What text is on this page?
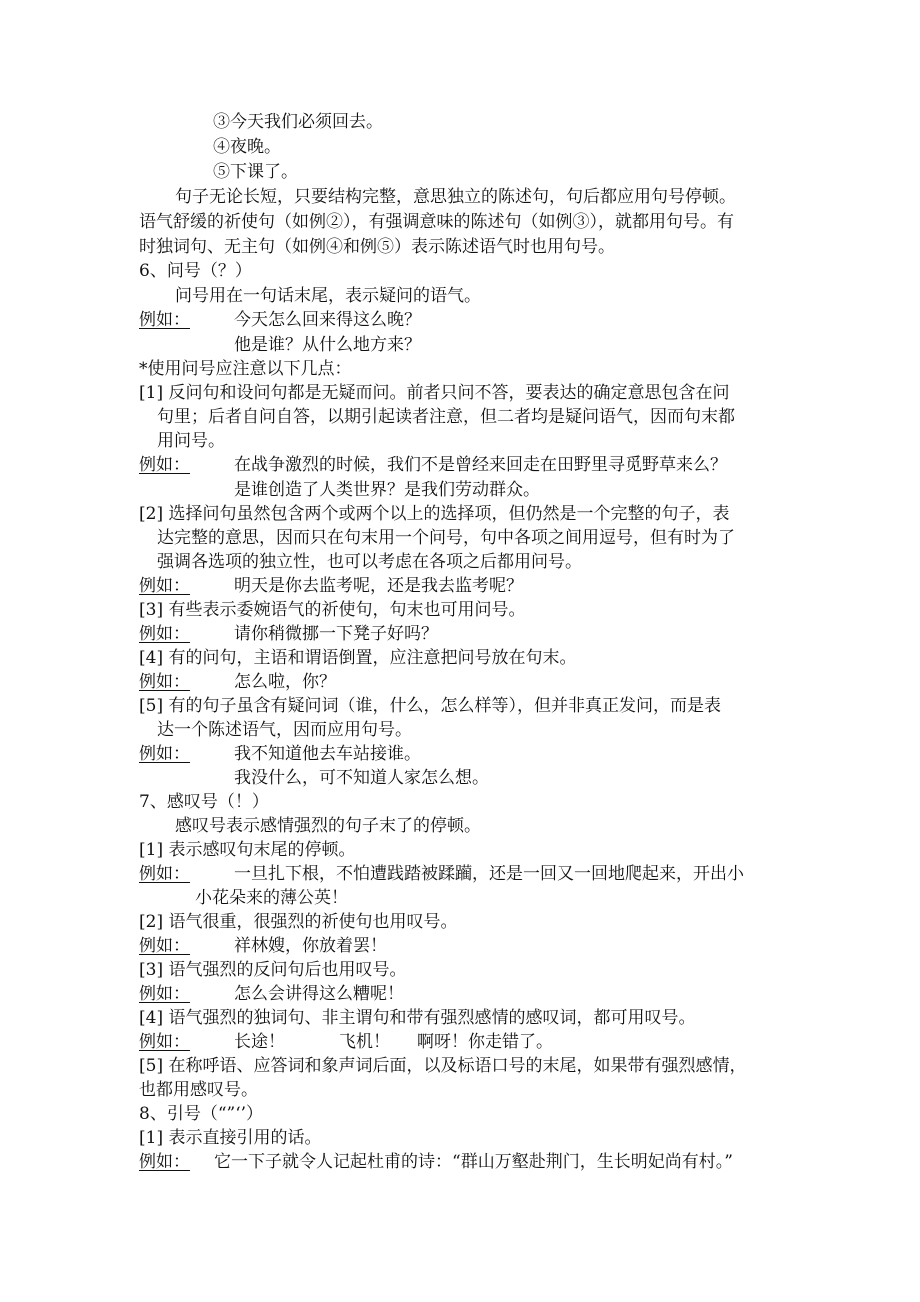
③今天我们必须回去。
④夜晚。
⑤下课了。
句子无论长短，只要结构完整，意思独立的陈述句，句后都应用句号停顿。
语气舒缓的祈使句（如例②），有强调意味的陈述句（如例③），就都用句号。有
时独词句、无主句（如例④和例⑤）表示陈述语气时也用句号。
6、问号（？）
问号用在一句话末尾，表示疑问的语气。
例如：	今天怎么回来得这么晚？
他是谁？从什么地方来？
*使用问号应注意以下几点：
[1] 反问句和设问句都是无疑而问。前者只问不答，要表达的确定意思包含在问
句里；后者自问自答，以期引起读者注意，但二者均是疑问语气，因而句末都
用问号。
例如：	在战争激烈的时候，我们不是曾经来回走在田野里寻觅野草来么？
是谁创造了人类世界？是我们劳动群众。
[2] 选择问句虽然包含两个或两个以上的选择项，但仍然是一个完整的句子，表
达完整的意思，因而只在句末用一个问号，句中各项之间用逗号，但有时为了
强调各选项的独立性，也可以考虑在各项之后都用问号。
例如：	明天是你去监考呢，还是我去监考呢？
[3] 有些表示委婉语气的祈使句，句末也可用问号。
例如：	请你稍微挪一下凳子好吗？
[4] 有的问句，主语和谓语倒置，应注意把问号放在句末。
例如：	怎么啦，你？
[5] 有的句子虽含有疑问词（谁，什么，怎么样等），但并非真正发问，而是表
达一个陈述语气，因而应用句号。
例如：	我不知道他去车站接谁。
我没什么，可不知道人家怎么想。
7、感叹号（！）
感叹号表示感情强烈的句子末了的停顿。
[1] 表示感叹句末尾的停顿。
例如：	一旦扎下根，不怕遭践踏被蹂躏，还是一回又一回地爬起来，开出小
小花朵来的薄公英！
[2] 语气很重，很强烈的祈使句也用叹号。
例如：	祥林嫂，你放着罢！
[3] 语气强烈的反问句后也用叹号。
例如：	怎么会讲得这么糟呢！
[4] 语气强烈的独词句、非主谓句和带有强烈感情的感叹词，都可用叹号。
例如：	长途！          飞机！     啊呀！你走错了。
[5] 在称呼语、应答词和象声词后面，以及标语口号的末尾，如果带有强烈感情，
也都用感叹号。
8、引号（“”‘’）
[1] 表示直接引用的话。
例如： 它一下子就令人记起杜甫的诗：“群山万壑赴荆门，生长明妃尚有村。”
